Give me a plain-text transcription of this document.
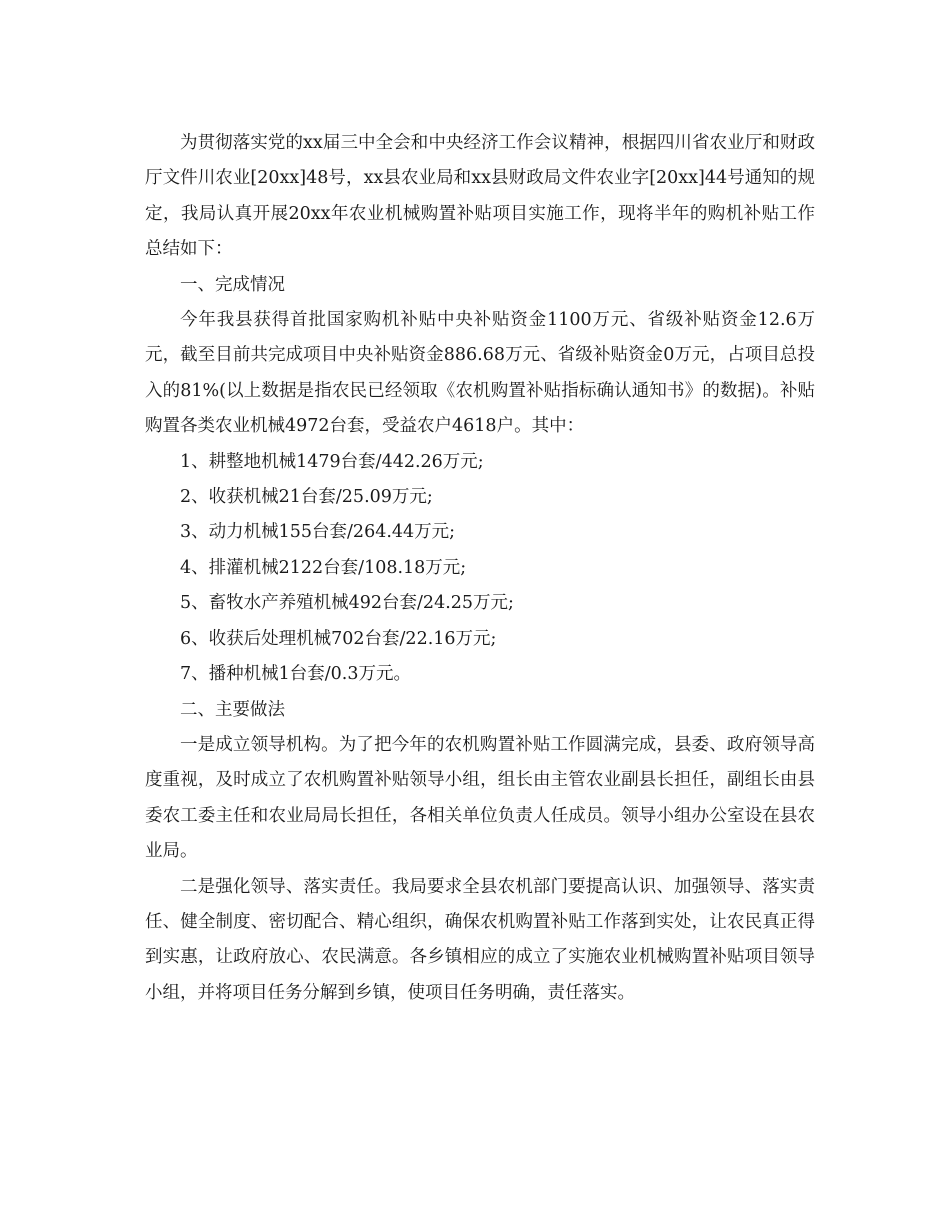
为贯彻落实党的xx届三中全会和中央经济工作会议精神，根据四川省农业厅和财政厅文件川农业[20xx]48号，xx县农业局和xx县财政局文件农业字[20xx]44号通知的规定，我局认真开展20xx年农业机械购置补贴项目实施工作，现将半年的购机补贴工作总结如下：

一、完成情况

今年我县获得首批国家购机补贴中央补贴资金1100万元、省级补贴资金12.6万元，截至目前共完成项目中央补贴资金886.68万元、省级补贴资金0万元，占项目总投入的81%(以上数据是指农民已经领取《农机购置补贴指标确认通知书》的数据)。补贴购置各类农业机械4972台套，受益农户4618户。其中：

1、耕整地机械1479台套/442.26万元;

2、收获机械21台套/25.09万元;

3、动力机械155台套/264.44万元;

4、排灌机械2122台套/108.18万元;

5、畜牧水产养殖机械492台套/24.25万元;

6、收获后处理机械702台套/22.16万元;

7、播种机械1台套/0.3万元。

二、主要做法

一是成立领导机构。为了把今年的农机购置补贴工作圆满完成，县委、政府领导高度重视，及时成立了农机购置补贴领导小组，组长由主管农业副县长担任，副组长由县委农工委主任和农业局局长担任，各相关单位负责人任成员。领导小组办公室设在县农业局。

二是强化领导、落实责任。我局要求全县农机部门要提高认识、加强领导、落实责任、健全制度、密切配合、精心组织，确保农机购置补贴工作落到实处，让农民真正得到实惠，让政府放心、农民满意。各乡镇相应的成立了实施农业机械购置补贴项目领导小组，并将项目任务分解到乡镇，使项目任务明确，责任落实。
